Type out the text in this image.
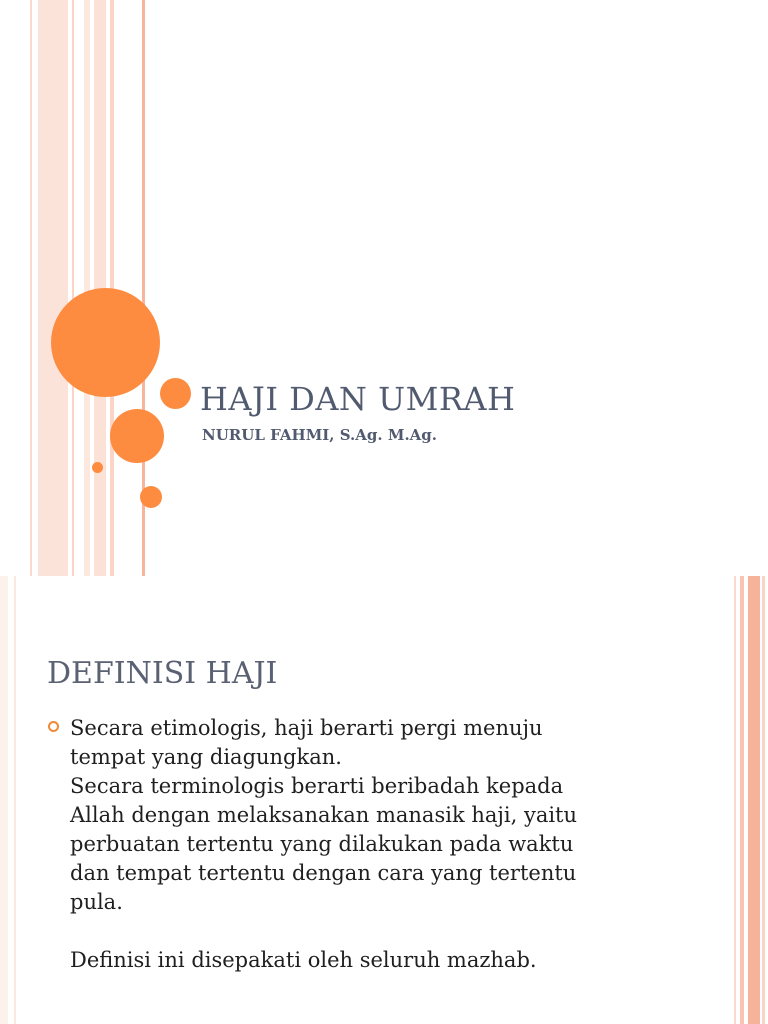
HAJI DAN UMRAH
NURUL FAHMI, S.Ag. M.Ag.
DEFINISI HAJI
Secara etimologis, haji berarti pergi menuju
tempat yang diagungkan.
Secara terminologis berarti beribadah kepada
Allah dengan melaksanakan manasik haji, yaitu
perbuatan tertentu yang dilakukan pada waktu
dan tempat tertentu dengan cara yang tertentu
pula.
Definisi ini disepakati oleh seluruh mazhab.
